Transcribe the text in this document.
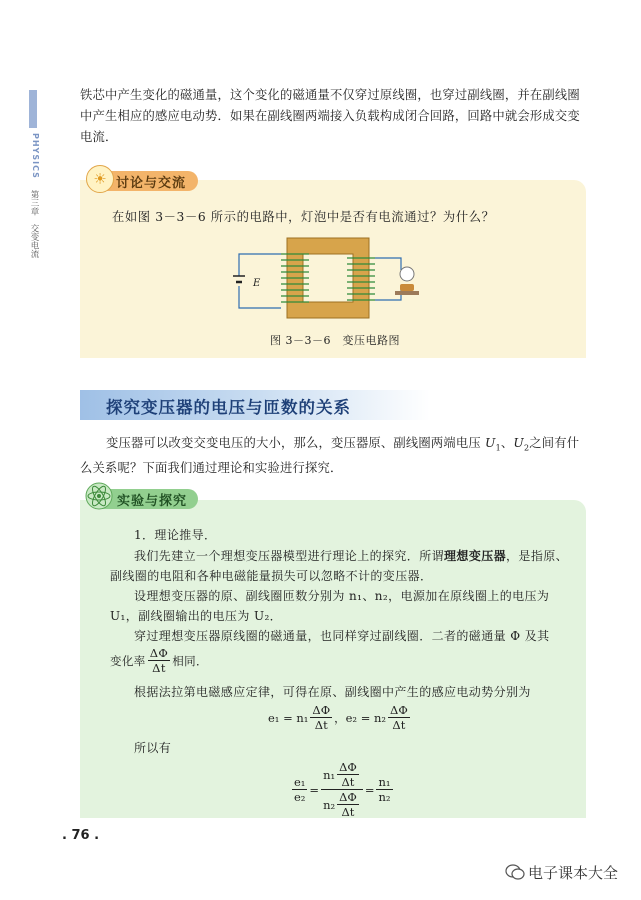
PHYSICS
第三章　交变电流
铁芯中产生变化的磁通量，这个变化的磁通量不仅穿过原线圈，也穿过副线圈，并在副线圈中产生相应的感应电动势．如果在副线圈两端接入负载构成闭合回路，回路中就会形成交变电流．
讨论与交流
☀
在如图 3－3－6 所示的电路中，灯泡中是否有电流通过？为什么？
E
图 3－3－6　变压电路图
探究变压器的电压与匝数的关系
变压器可以改变交变电压的大小，那么，变压器原、副线圈两端电压 $U_1$、$U_2$之间有什么关系呢？下面我们通过理论和实验进行探究．
实验与探究
1．理论推导．
我们先建立一个理想变压器模型进行理论上的探究．所谓理想变压器，是指原、副线圈的电阻和各种电磁能量损失可以忽略不计的变压器．
设理想变压器的原、副线圈匝数分别为 n₁、n₂，电源加在原线圈上的电压为
U₁，副线圈输出的电压为 U₂．
穿过理想变压器原线圈的磁通量，也同样穿过副线圈．二者的磁通量 Φ 及其
变化率 $\frac{\Delta\Phi}{\Delta t}$ 相同．
根据法拉第电磁感应定律，可得在原、副线圈中产生的感应电动势分别为
$e_1 = n_1 \frac{\Delta\Phi}{\Delta t}$ ， $e_2 = n_2 \frac{\Delta\Phi}{\Delta t}$
所以有
$\frac{\text{e₁}}{\text{e₂}} = \frac{n_1 \frac{\Delta\Phi}{\Delta t}}{n_2 \frac{\Delta\Phi}{\Delta t}} = \frac{\text{n₁}}{\text{n₂}}$
. 76 .
电子课本大全
